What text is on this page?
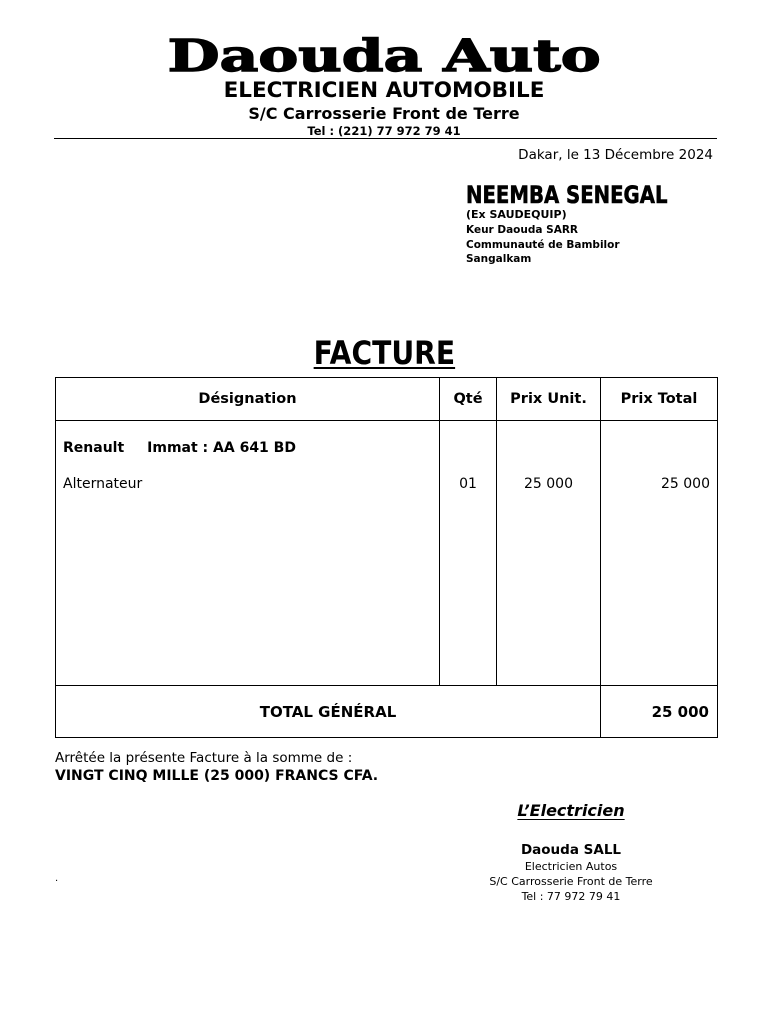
Daouda Auto
ELECTRICIEN AUTOMOBILE
S/C Carrosserie Front de Terre
Tel : (221) 77 972 79 41
Dakar, le 13 Décembre 2024
NEEMBA SENEGAL
(Ex SAUDEQUIP)
Keur Daouda SARR
Communauté de Bambilor
Sangalkam
FACTURE
Désignation	Qté	Prix Unit.	Prix Total

Renault Immat : AA 641 BD
Alternateur	01	25 000	25 000

TOTAL GÉNÉRAL			25 000
Arrêtée la présente Facture à la somme de :
VINGT CINQ MILLE (25 000) FRANCS CFA.
L’Electricien
Daouda SALL
Electricien Autos
S/C Carrosserie Front de Terre
Tel : 77 972 79 41
.
